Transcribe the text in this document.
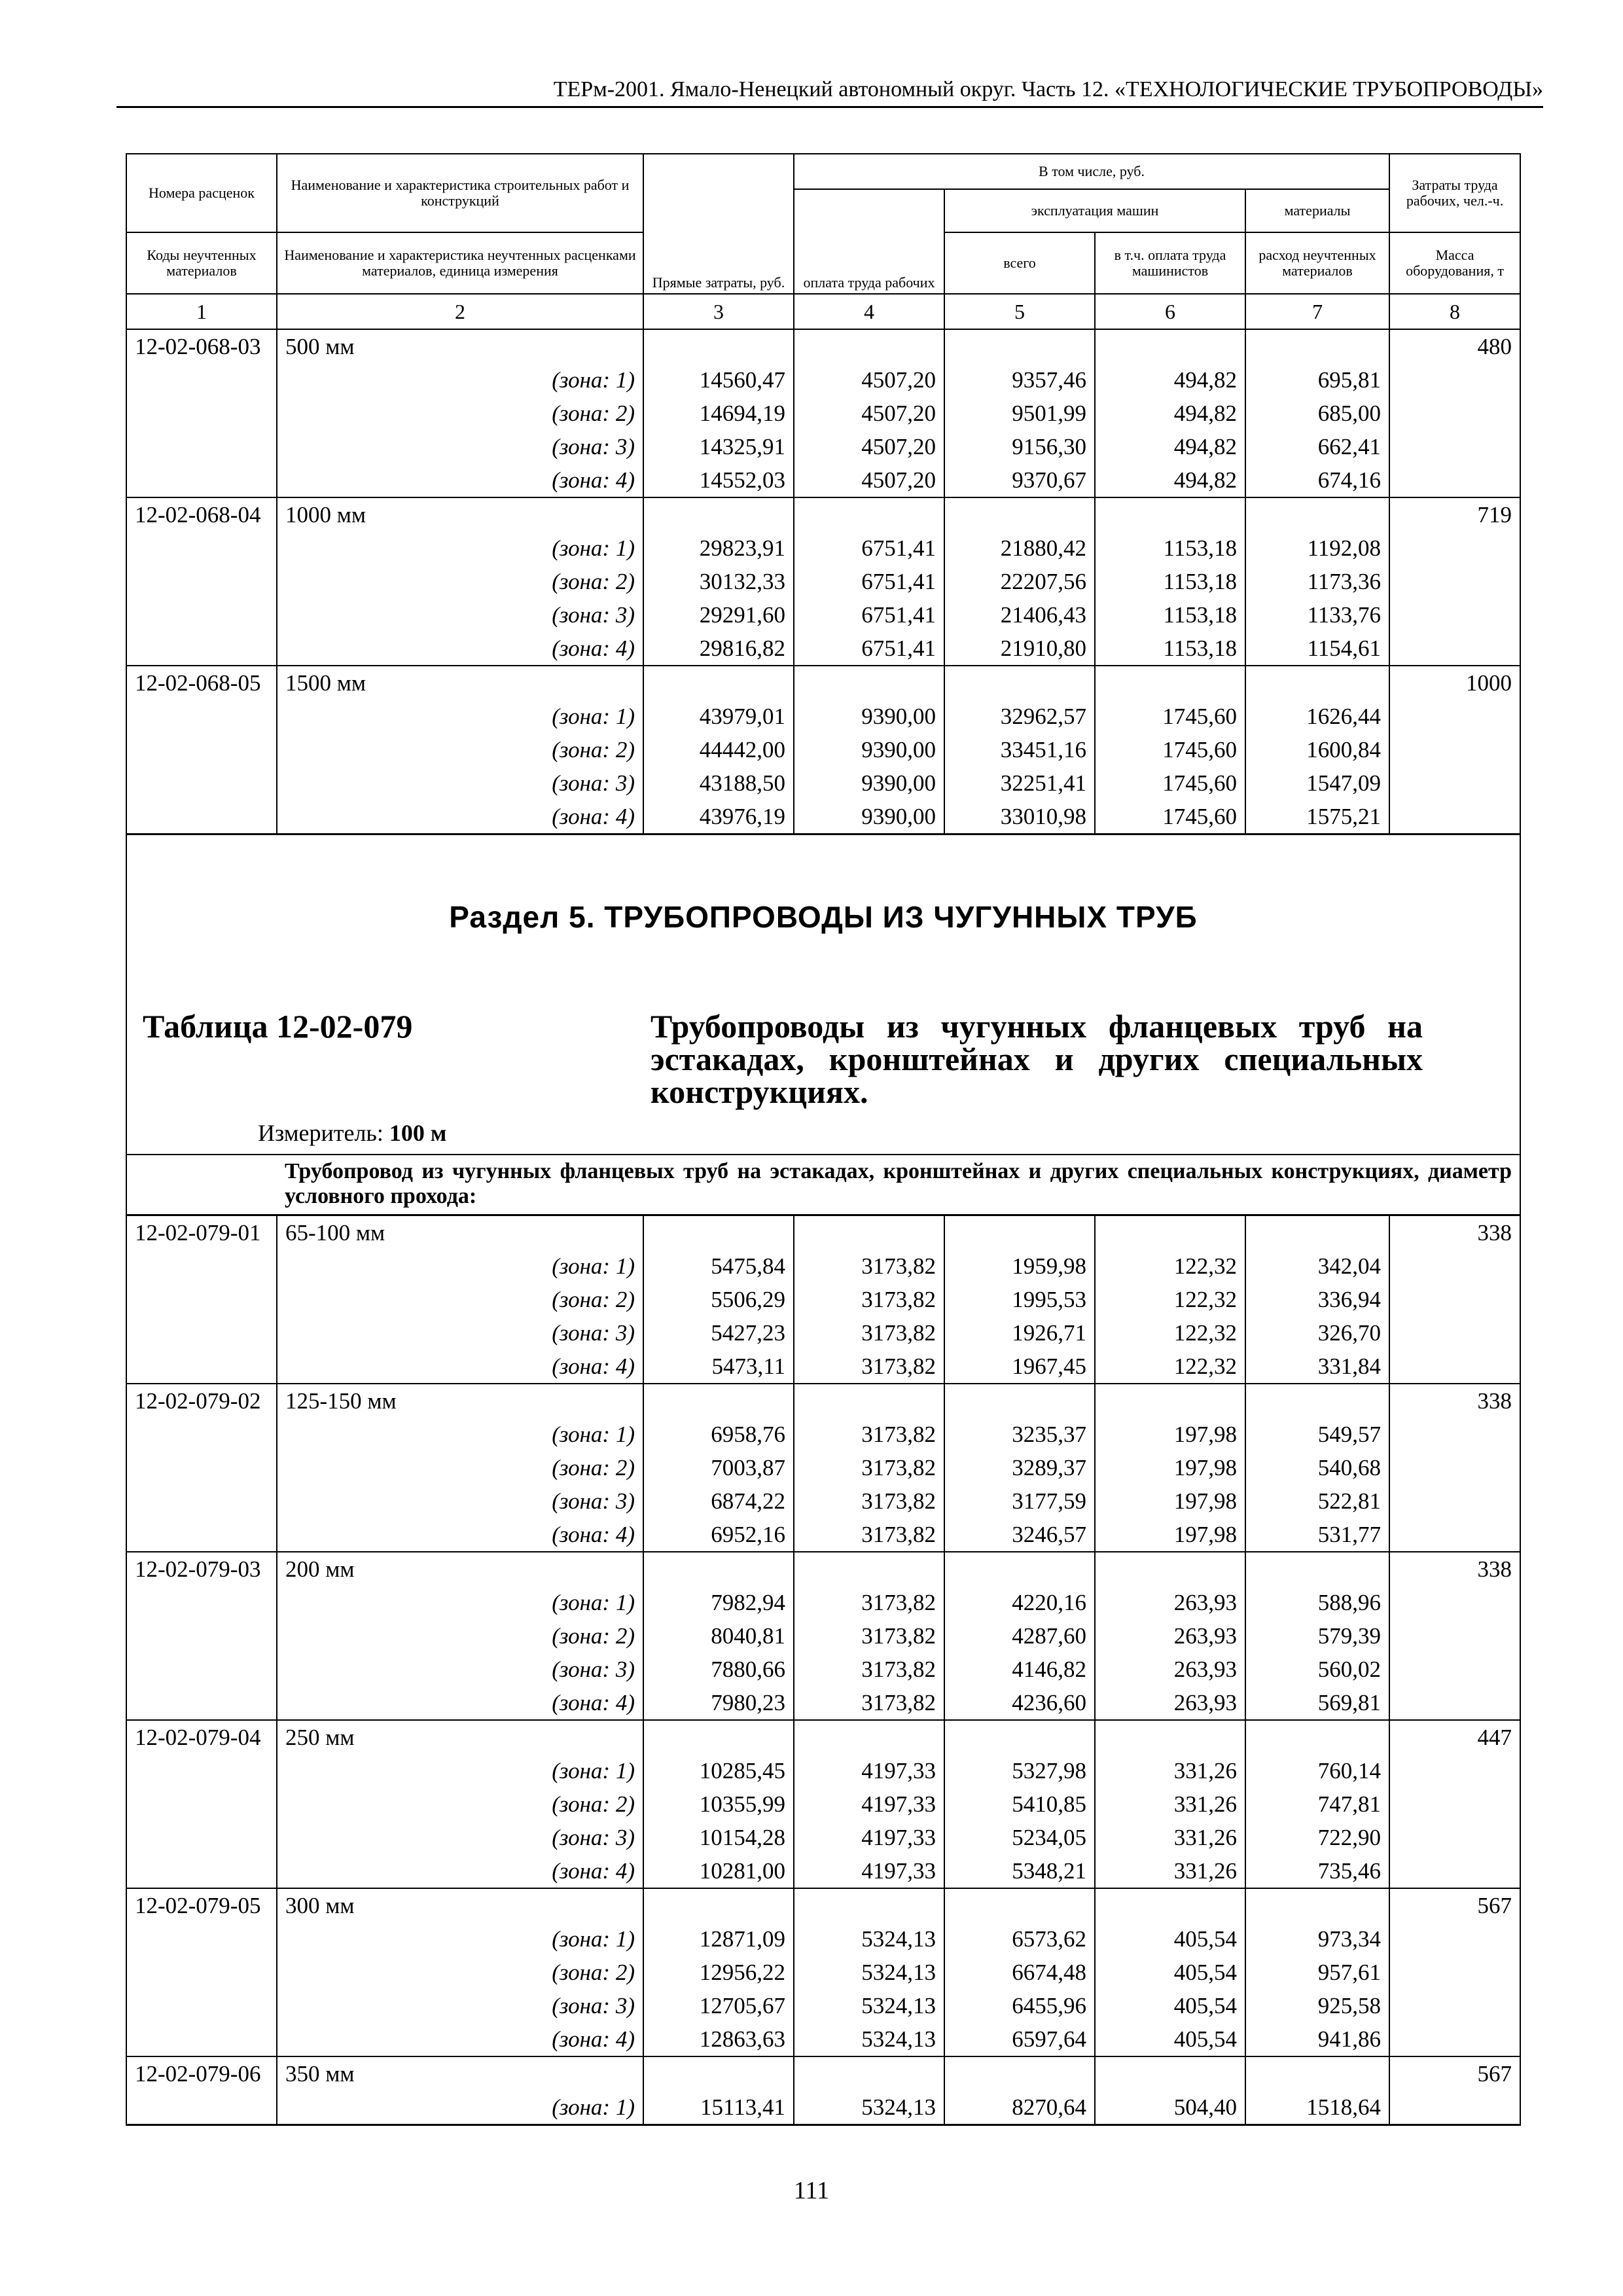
ТЕРм-2001. Ямало-Ненецкий автономный округ. Часть 12. «ТЕХНОЛОГИЧЕСКИЕ ТРУБОПРОВОДЫ»
Номера расценок	Наименование и характеристика строительных работ и конструкций	Прямые затраты, руб.	В том числе, руб.				Затраты труда рабочих, чел.-ч.
			оплата труда рабочих	эксплуатация машин		материалы	
Коды неучтенных материалов	Наименование и характеристика неучтенных расценками материалов, единица измерения			всего	в т.ч. оплата труда машинистов	расход неучтенных материалов	Масса оборудования, т
1	2	3	4	5	6	7	8
12-02-068-03	500 мм						480
	(зона: 1)	14560,47	4507,20	9357,46	494,82	695,81	
	(зона: 2)	14694,19	4507,20	9501,99	494,82	685,00	
	(зона: 3)	14325,91	4507,20	9156,30	494,82	662,41	
	(зона: 4)	14552,03	4507,20	9370,67	494,82	674,16	
12-02-068-04	1000 мм						719
	(зона: 1)	29823,91	6751,41	21880,42	1153,18	1192,08	
	(зона: 2)	30132,33	6751,41	22207,56	1153,18	1173,36	
	(зона: 3)	29291,60	6751,41	21406,43	1153,18	1133,76	
	(зона: 4)	29816,82	6751,41	21910,80	1153,18	1154,61	
12-02-068-05	1500 мм						1000
	(зона: 1)	43979,01	9390,00	32962,57	1745,60	1626,44	
	(зона: 2)	44442,00	9390,00	33451,16	1745,60	1600,84	
	(зона: 3)	43188,50	9390,00	32251,41	1745,60	1547,09	
	(зона: 4)	43976,19	9390,00	33010,98	1745,60	1575,21	

Раздел 5. ТРУБОПРОВОДЫ ИЗ ЧУГУННЫХ ТРУБ
Таблица 12-02-079 Трубопроводы из чугунных фланцевых труб на эстакадах, кронштейнах и других специальных конструкциях.
Измеритель: 100 м							

	Трубопровод из чугунных фланцевых труб на эстакадах, кронштейнах и других специальных конструкциях, диаметр условного прохода:						

12-02-079-01	65-100 мм						338
	(зона: 1)	5475,84	3173,82	1959,98	122,32	342,04	
	(зона: 2)	5506,29	3173,82	1995,53	122,32	336,94	
	(зона: 3)	5427,23	3173,82	1926,71	122,32	326,70	
	(зона: 4)	5473,11	3173,82	1967,45	122,32	331,84	
12-02-079-02	125-150 мм						338
	(зона: 1)	6958,76	3173,82	3235,37	197,98	549,57	
	(зона: 2)	7003,87	3173,82	3289,37	197,98	540,68	
	(зона: 3)	6874,22	3173,82	3177,59	197,98	522,81	
	(зона: 4)	6952,16	3173,82	3246,57	197,98	531,77	
12-02-079-03	200 мм						338
	(зона: 1)	7982,94	3173,82	4220,16	263,93	588,96	
	(зона: 2)	8040,81	3173,82	4287,60	263,93	579,39	
	(зона: 3)	7880,66	3173,82	4146,82	263,93	560,02	
	(зона: 4)	7980,23	3173,82	4236,60	263,93	569,81	
12-02-079-04	250 мм						447
	(зона: 1)	10285,45	4197,33	5327,98	331,26	760,14	
	(зона: 2)	10355,99	4197,33	5410,85	331,26	747,81	
	(зона: 3)	10154,28	4197,33	5234,05	331,26	722,90	
	(зона: 4)	10281,00	4197,33	5348,21	331,26	735,46	
12-02-079-05	300 мм						567
	(зона: 1)	12871,09	5324,13	6573,62	405,54	973,34	
	(зона: 2)	12956,22	5324,13	6674,48	405,54	957,61	
	(зона: 3)	12705,67	5324,13	6455,96	405,54	925,58	
	(зона: 4)	12863,63	5324,13	6597,64	405,54	941,86	
12-02-079-06	350 мм						567
	(зона: 1)	15113,41	5324,13	8270,64	504,40	1518,64	
111
